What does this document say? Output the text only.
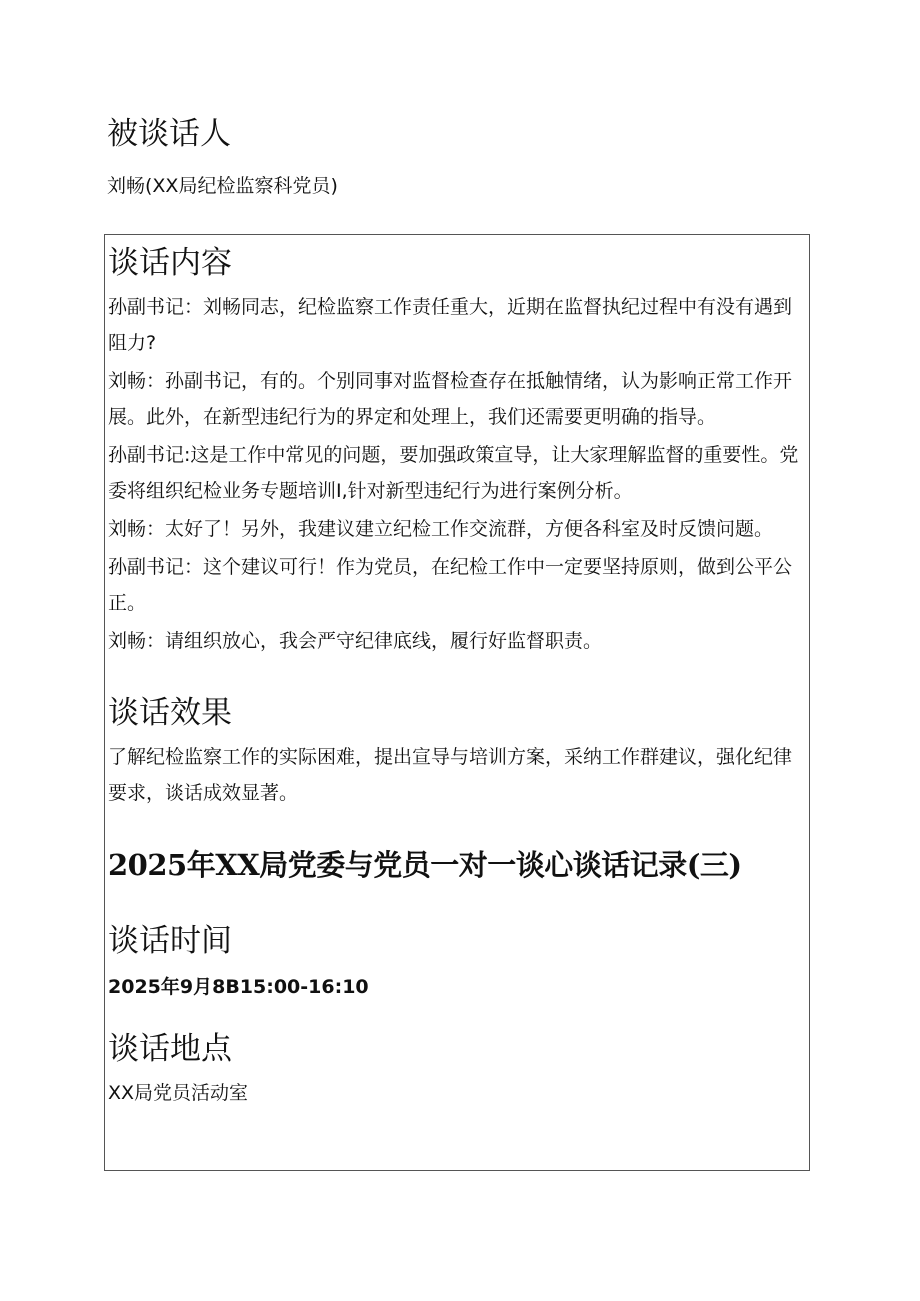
被谈话人

刘畅(XX局纪检监察科党员)

谈话内容

孙副书记：刘畅同志，纪检监察工作责任重大，近期在监督执纪过程中有没有遇到阻力?

刘畅：孙副书记，有的。个别同事对监督检查存在抵触情绪，认为影响正常工作开展。此外，在新型违纪行为的界定和处理上，我们还需要更明确的指导。

孙副书记:这是工作中常见的问题，要加强政策宣导，让大家理解监督的重要性。党委将组织纪检业务专题培训I,针对新型违纪行为进行案例分析。

刘畅：太好了！另外，我建议建立纪检工作交流群，方便各科室及时反馈问题。

孙副书记：这个建议可行！作为党员，在纪检工作中一定要坚持原则，做到公平公正。

刘畅：请组织放心，我会严守纪律底线，履行好监督职责。

谈话效果

了解纪检监察工作的实际困难，提出宣导与培训方案，采纳工作群建议，强化纪律要求，谈话成效显著。

2025年XX局党委与党员一对一谈心谈话记录(三)
谈话时间

2025年9月8B15:00-16:10

谈话地点

XX局党员活动室
